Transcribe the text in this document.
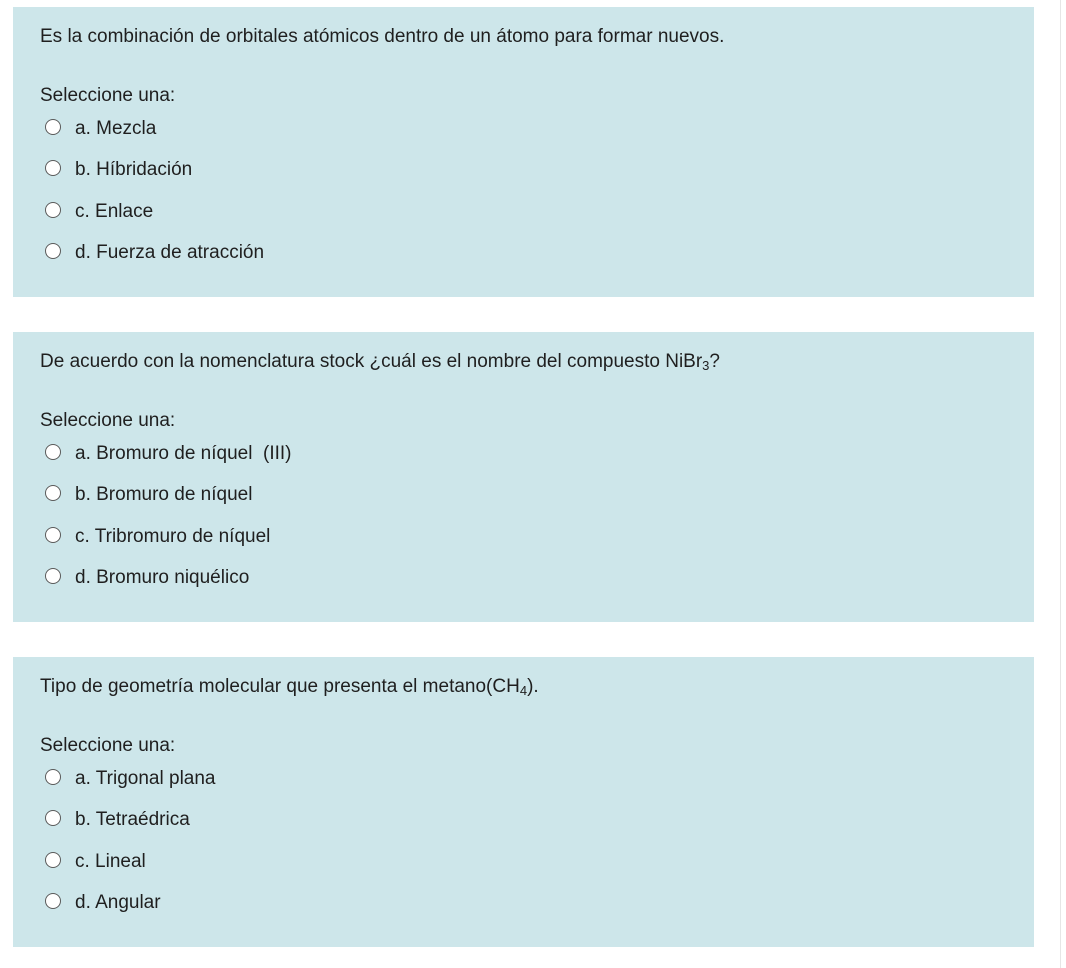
Es la combinación de orbitales atómicos dentro de un átomo para formar nuevos.
Seleccione una:
a. Mezcla
b. Híbridación
c. Enlace
d. Fuerza de atracción
De acuerdo con la nomenclatura stock ¿cuál es el nombre del compuesto NiBr$_3$?
Seleccione una:
a. Bromuro de níquel  (III)
b. Bromuro de níquel
c. Tribromuro de níquel
d. Bromuro niquélico
Tipo de geometría molecular que presenta el $metano(CH_4)$.
Seleccione una:
a. Trigonal plana
b. Tetraédrica
c. Lineal
d. Angular
